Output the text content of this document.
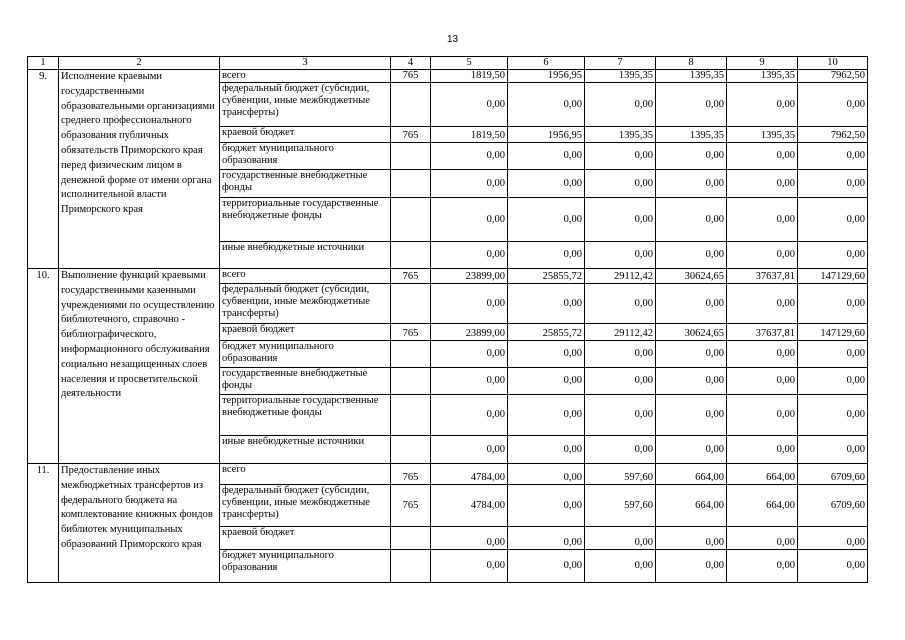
13
1	2	3	4	5	6	7	8	9	10
9.	Исполнение краевыми государственными образовательными организациями среднего профессионального образования публичных обязательств Приморского края перед физическим лицом в денежной форме от имени органа исполнительной власти Приморского края	всего	765	1819,50	1956,95	1395,35	1395,35	1395,35	7962,50
		федеральный бюджет (субсидии, субвенции, иные межбюджетные трансферты)		0,00	0,00	0,00	0,00	0,00	0,00
		краевой бюджет	765	1819,50	1956,95	1395,35	1395,35	1395,35	7962,50
		бюджет муниципального образования		0,00	0,00	0,00	0,00	0,00	0,00
		государственные внебюджетные фонды		0,00	0,00	0,00	0,00	0,00	0,00
		территориальные государственные внебюджетные фонды		0,00	0,00	0,00	0,00	0,00	0,00
		иные внебюджетные источники		0,00	0,00	0,00	0,00	0,00	0,00
10.	Выполнение функций краевыми государственными казенными учреждениями по осуществлению библиотечного, справочно - библиографического, информационного обслуживания социально незащищенных слоев населения и просветительской деятельности	всего	765	23899,00	25855,72	29112,42	30624,65	37637,81	147129,60
		федеральный бюджет (субсидии, субвенции, иные межбюджетные трансферты)		0,00	0,00	0,00	0,00	0,00	0,00
		краевой бюджет	765	23899,00	25855,72	29112,42	30624,65	37637,81	147129,60
		бюджет муниципального образования		0,00	0,00	0,00	0,00	0,00	0,00
		государственные внебюджетные фонды		0,00	0,00	0,00	0,00	0,00	0,00
		территориальные государственные внебюджетные фонды		0,00	0,00	0,00	0,00	0,00	0,00
		иные внебюджетные источники		0,00	0,00	0,00	0,00	0,00	0,00
11.	Предоставление иных межбюджетных трансфертов из федерального бюджета на комплектование книжных фондов библиотек муниципальных образований Приморского края	всего	765	4784,00	0,00	597,60	664,00	664,00	6709,60
		федеральный бюджет (субсидии, субвенции, иные межбюджетные трансферты)	765	4784,00	0,00	597,60	664,00	664,00	6709,60
		краевой бюджет		0,00	0,00	0,00	0,00	0,00	0,00
		бюджет муниципального образования		0,00	0,00	0,00	0,00	0,00	0,00
